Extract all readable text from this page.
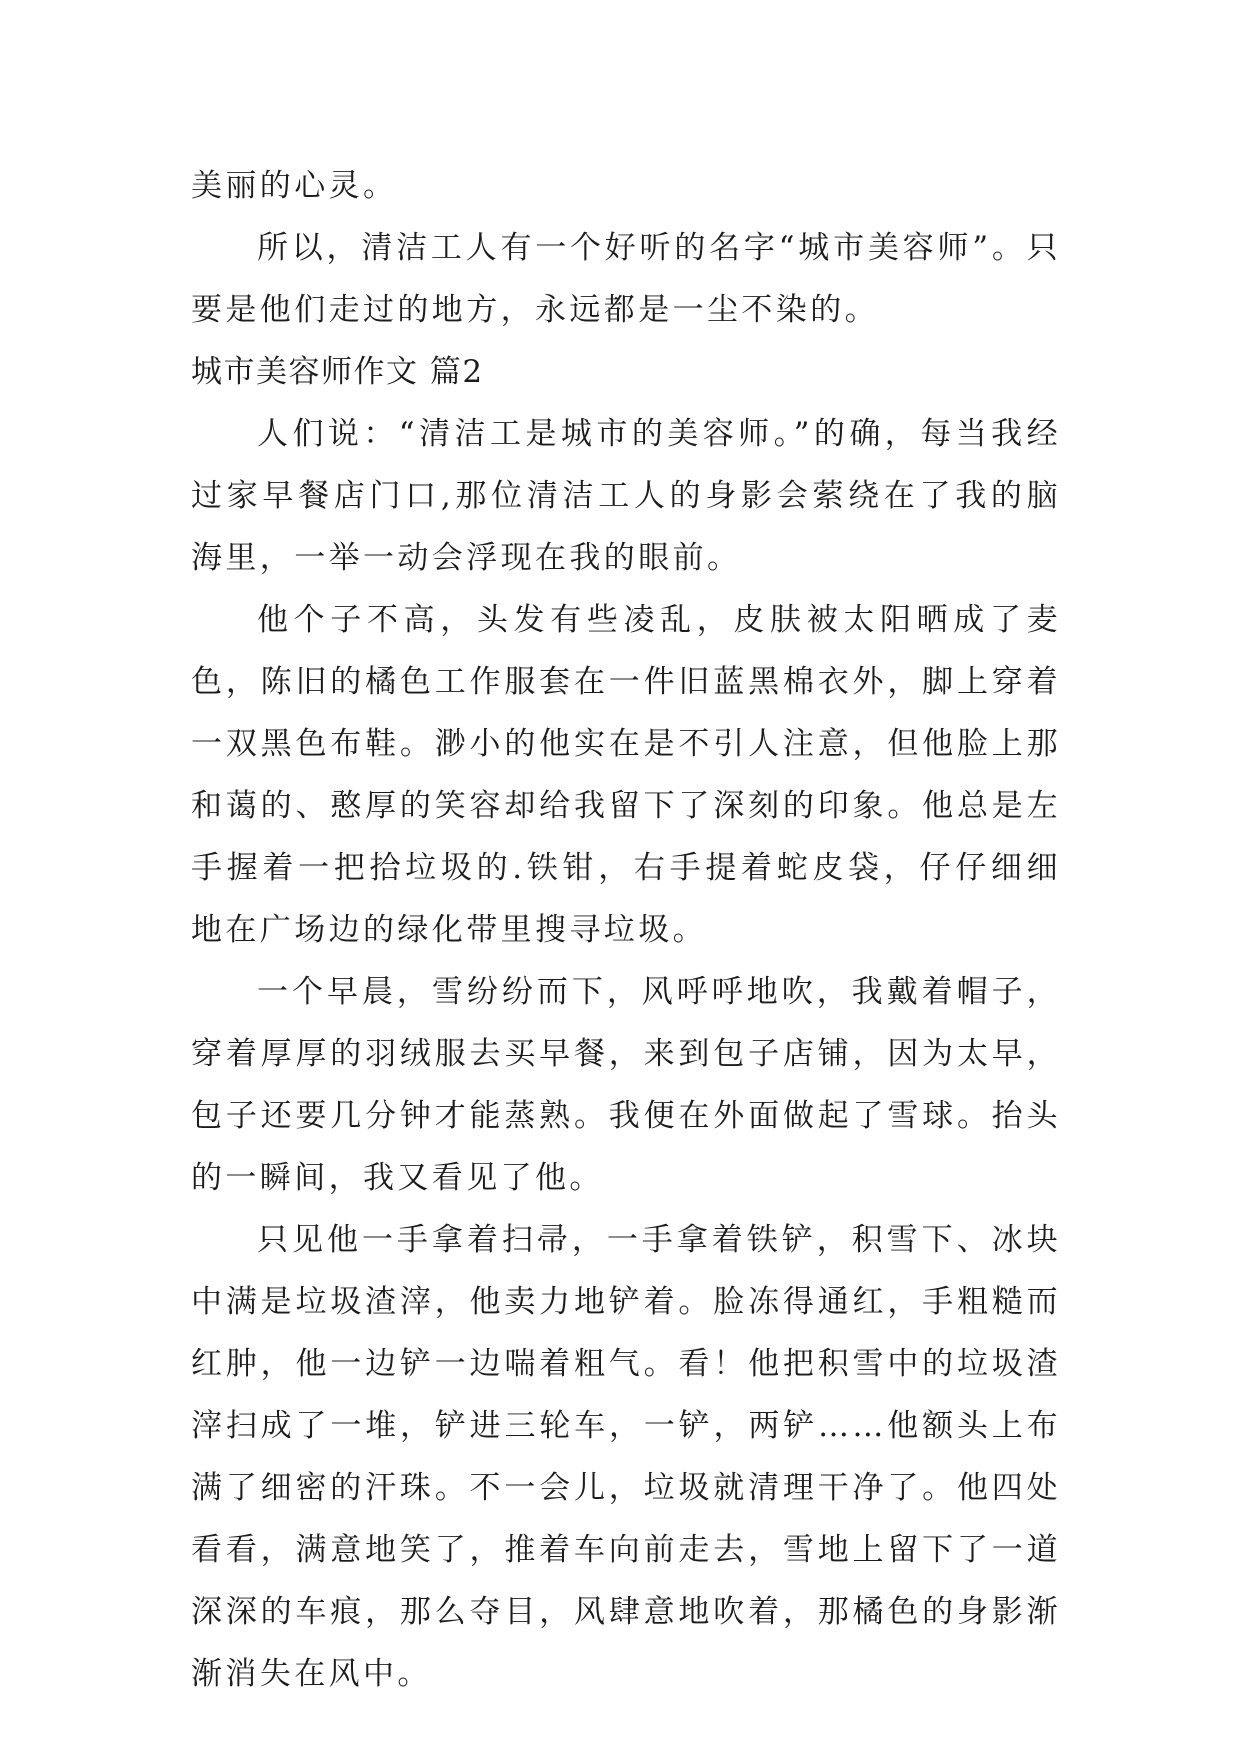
美丽的心灵。

所以，清洁工人有一个好听的名字“城市美容师”。只要是他们走过的地方，永远都是一尘不染的。

城市美容师作文 篇2

人们说：“清洁工是城市的美容师。”的确，每当我经过家早餐店门口,那位清洁工人的身影会萦绕在了我的脑海里，一举一动会浮现在我的眼前。

他个子不高，头发有些凌乱，皮肤被太阳晒成了麦色，陈旧的橘色工作服套在一件旧蓝黑棉衣外，脚上穿着一双黑色布鞋。渺小的他实在是不引人注意，但他脸上那和蔼的、憨厚的笑容却给我留下了深刻的印象。他总是左手握着一把拾垃圾的.铁钳，右手提着蛇皮袋，仔仔细细地在广场边的绿化带里搜寻垃圾。

一个早晨，雪纷纷而下，风呼呼地吹，我戴着帽子，穿着厚厚的羽绒服去买早餐，来到包子店铺，因为太早，包子还要几分钟才能蒸熟。我便在外面做起了雪球。抬头的一瞬间，我又看见了他。

只见他一手拿着扫帚，一手拿着铁铲，积雪下、冰块中满是垃圾渣滓，他卖力地铲着。脸冻得通红，手粗糙而红肿，他一边铲一边喘着粗气。看！他把积雪中的垃圾渣滓扫成了一堆，铲进三轮车，一铲，两铲……他额头上布满了细密的汗珠。不一会儿，垃圾就清理干净了。他四处看看，满意地笑了，推着车向前走去，雪地上留下了一道深深的车痕，那么夺目，风肆意地吹着，那橘色的身影渐渐消失在风中。
